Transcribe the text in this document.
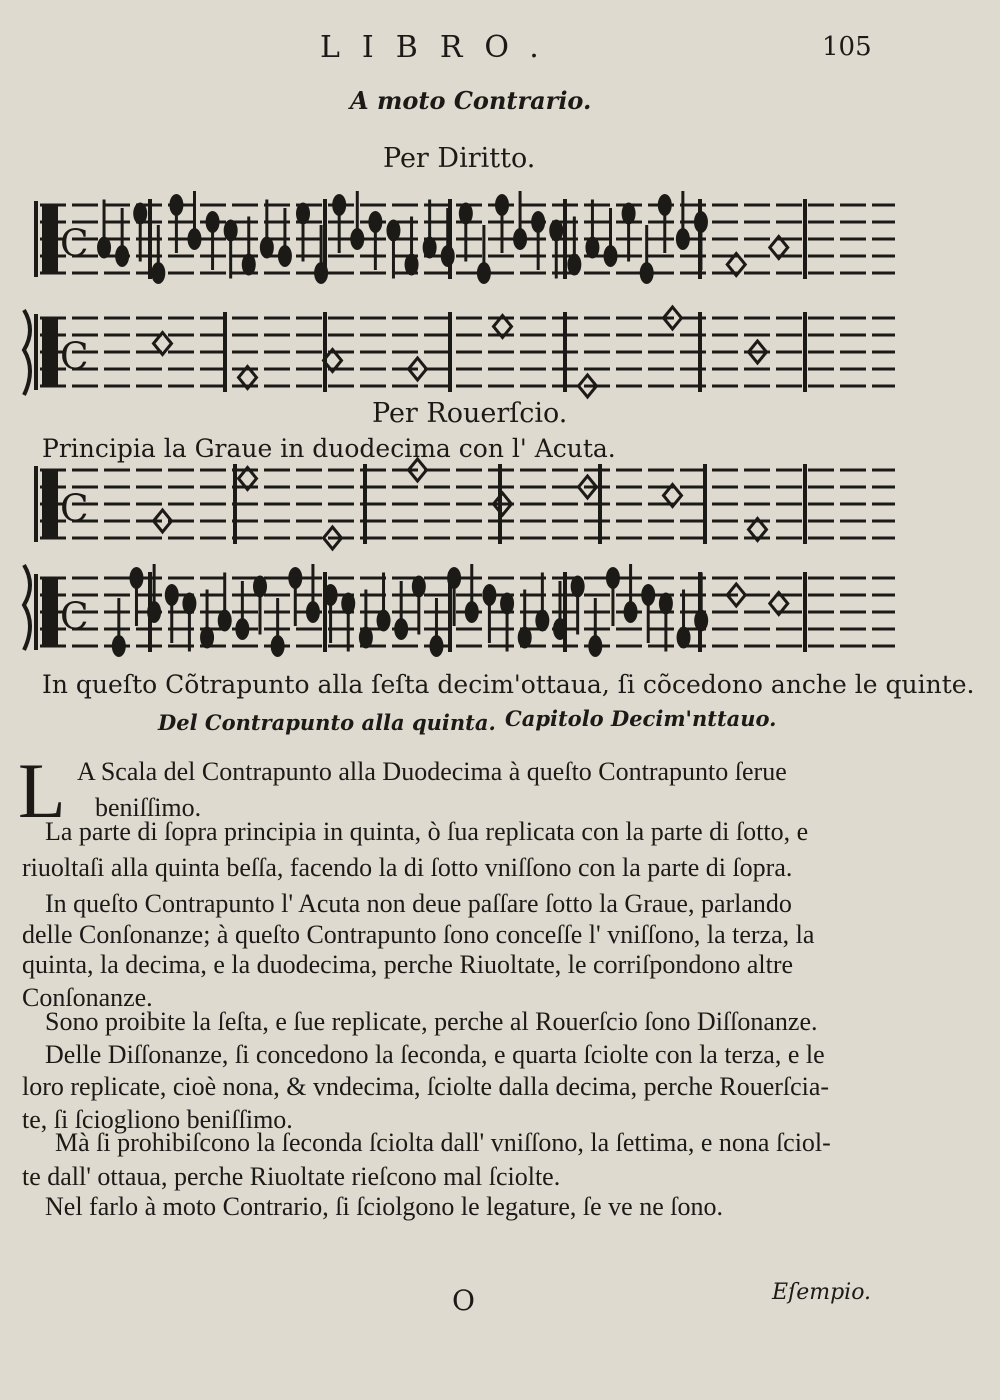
LIBRO.	105
A moto Contrario.
Per Diritto.
C
C
C
C
Per Rouerſcio.
Principia la Graue in duodecima con l' Acuta.
In queſto Cõtrapunto alla ſeſta decim'ottaua, ſi cõcedono anche le quinte.
Del Contrapunto alla quinta. Capitolo Decim'nttauo.
L A Scala del Contrapunto alla Duodecima à queſto Contrapunto ſerue
beniſſimo.
La parte di ſopra principia in quinta, ò ſua replicata con la parte di ſotto, e
riuoltaſi alla quinta beſſa, facendo la di ſotto vniſſono con la parte di ſopra.
In queſto Contrapunto l' Acuta non deue paſſare ſotto la Graue, parlando
delle Conſonanze; à queſto Contrapunto ſono conceſſe l' vniſſono, la terza, la
quinta, la decima, e la duodecima, perche Riuoltate, le corriſpondono altre
Conſonanze.
Sono proibite la ſeſta, e ſue replicate, perche al Rouerſcio ſono Diſſonanze.
Delle Diſſonanze, ſi concedono la ſeconda, e quarta ſciolte con la terza, e le
loro replicate, cioè nona, & vndecima, ſciolte dalla decima, perche Rouerſcia-
te, ſi ſciogliono beniſſimo.
Mà ſi prohibiſcono la ſeconda ſciolta dall' vniſſono, la ſettima, e nona ſciol-
te dall' ottaua, perche Riuoltate rieſcono mal ſciolte.
Nel farlo à moto Contrario, ſi ſciolgono le legature, ſe ve ne ſono.
O	Eſempio.
